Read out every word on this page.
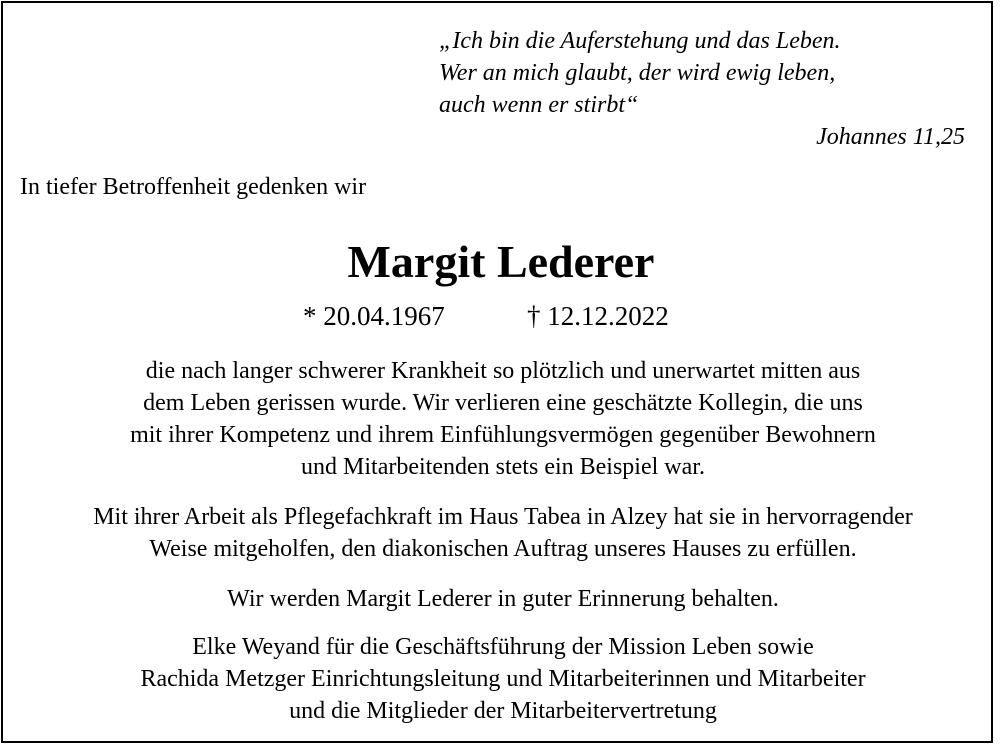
„Ich bin die Auferstehung und das Leben.
Wer an mich glaubt, der wird ewig leben,
auch wenn er stirbt“
Johannes 11,25
In tiefer Betroffenheit gedenken wir
Margit Lederer
* 20.04.1967	† 12.12.2022
die nach langer schwerer Krankheit so plötzlich und unerwartet mitten aus
dem Leben gerissen wurde. Wir verlieren eine geschätzte Kollegin, die uns
mit ihrer Kompetenz und ihrem Einfühlungsvermögen gegenüber Bewohnern
und Mitarbeitenden stets ein Beispiel war.
Mit ihrer Arbeit als Pflegefachkraft im Haus Tabea in Alzey hat sie in hervorragender
Weise mitgeholfen, den diakonischen Auftrag unseres Hauses zu erfüllen.
Wir werden Margit Lederer in guter Erinnerung behalten.
Elke Weyand für die Geschäftsführung der Mission Leben sowie
Rachida Metzger Einrichtungsleitung und Mitarbeiterinnen und Mitarbeiter
und die Mitglieder der Mitarbeitervertretung
